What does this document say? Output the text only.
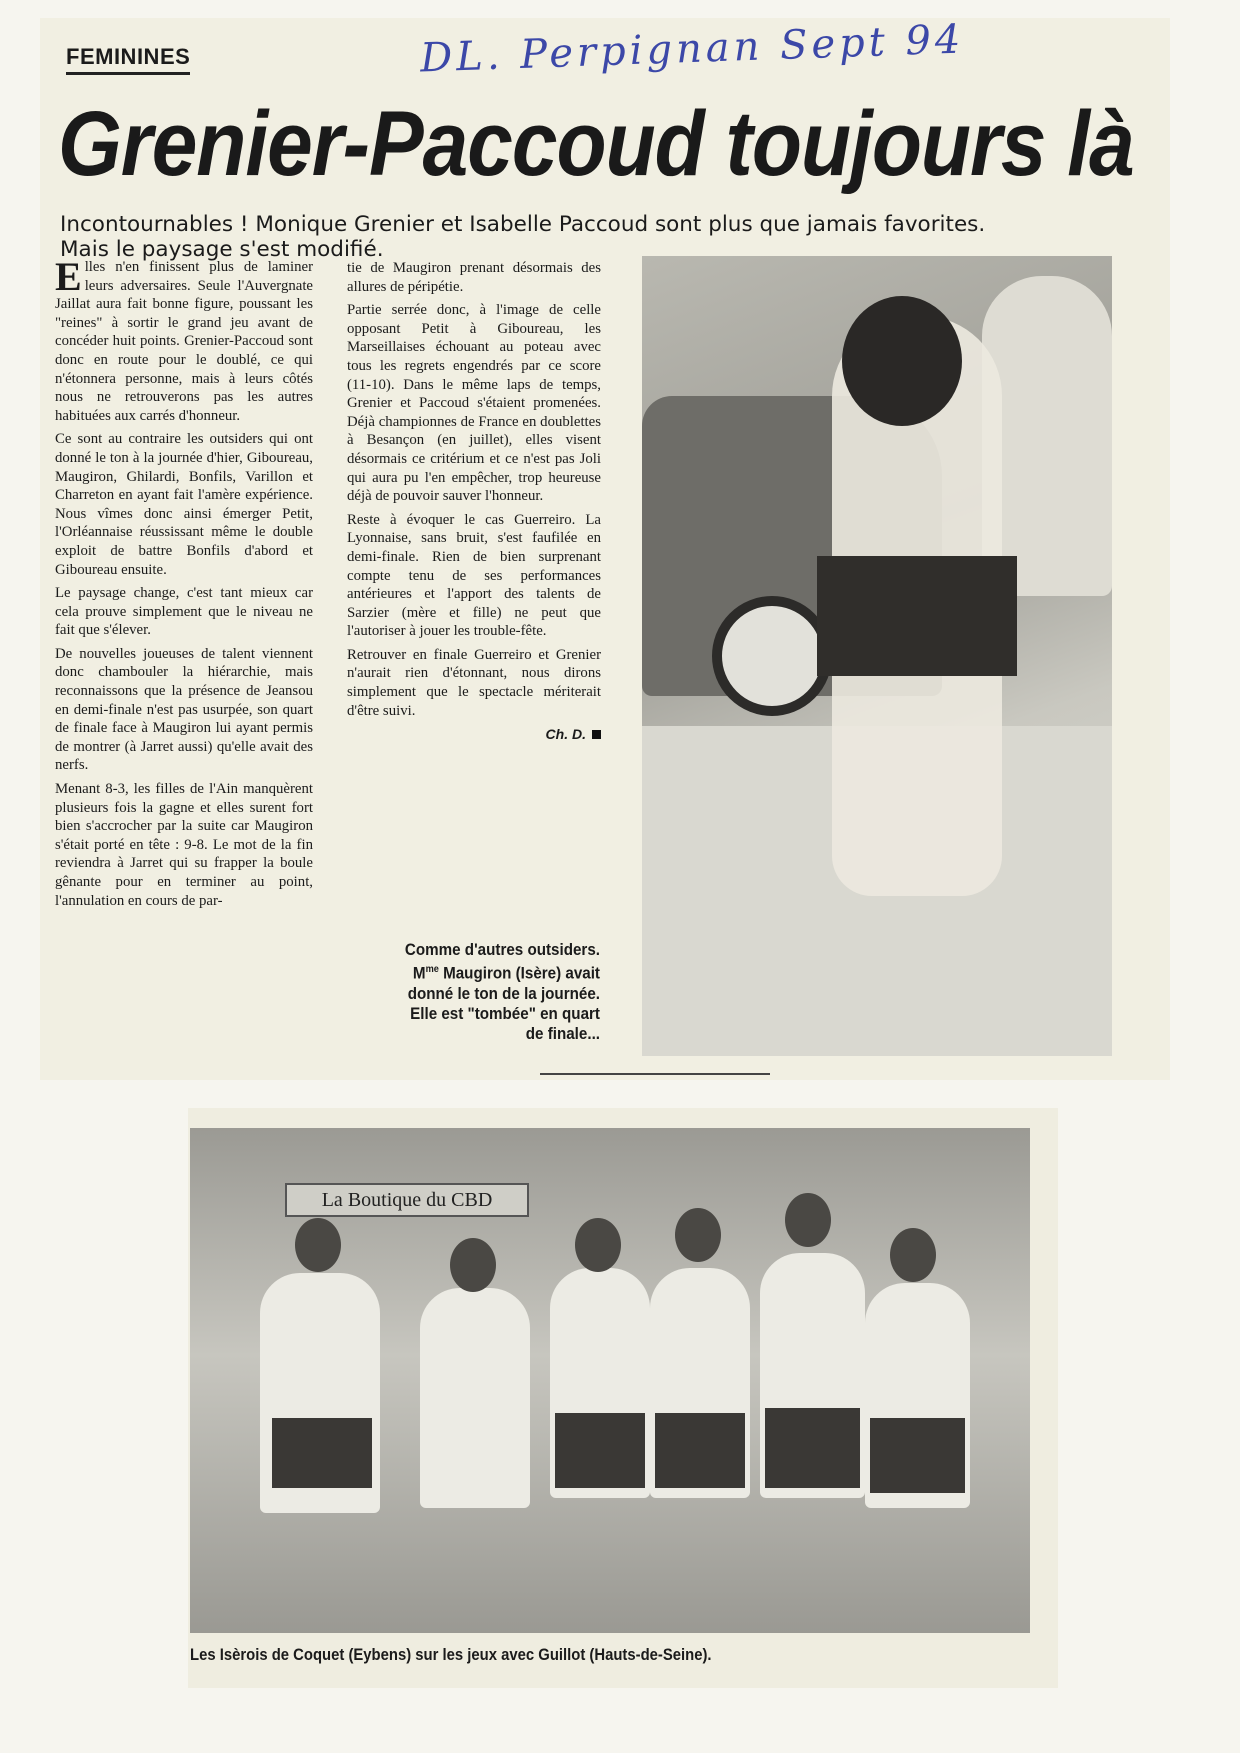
FEMININES	DL. Perpignan Sept 94
Grenier-Paccoud toujours là
Incontournables ! Monique Grenier et Isabelle Paccoud sont plus que jamais favorites.
Mais le paysage s'est modifié.

Elles n'en finissent plus de laminer leurs adversaires. Seule l'Auvergnate Jaillat aura fait bonne figure, poussant les "reines" à sortir le grand jeu avant de concéder huit points. Grenier-Paccoud sont donc en route pour le doublé, ce qui n'étonnera personne, mais à leurs côtés nous ne retrouverons pas les autres habituées aux carrés d'honneur.

Ce sont au contraire les outsiders qui ont donné le ton à la journée d'hier, Giboureau, Maugiron, Ghilardi, Bonfils, Varillon et Charreton en ayant fait l'amère expérience. Nous vîmes donc ainsi émerger Petit, l'Orléannaise réussissant même le double exploit de battre Bonfils d'abord et Giboureau ensuite.

Le paysage change, c'est tant mieux car cela prouve simplement que le niveau ne fait que s'élever.

De nouvelles joueuses de talent viennent donc chambouler la hiérarchie, mais reconnaissons que la présence de Jeansou en demi-finale n'est pas usurpée, son quart de finale face à Maugiron lui ayant permis de montrer (à Jarret aussi) qu'elle avait des nerfs.

Menant 8-3, les filles de l'Ain manquèrent plusieurs fois la gagne et elles surent fort bien s'accrocher par la suite car Maugiron s'était porté en tête : 9-8. Le mot de la fin reviendra à Jarret qui su frapper la boule gênante pour en terminer au point, l'annulation en cours de par-

tie de Maugiron prenant désormais des allures de péripétie.

Partie serrée donc, à l'image de celle opposant Petit à Giboureau, les Marseillaises échouant au poteau avec tous les regrets engendrés par ce score (11-10). Dans le même laps de temps, Grenier et Paccoud s'étaient promenées. Déjà championnes de France en doublettes à Besançon (en juillet), elles visent désormais ce critérium et ce n'est pas Joli qui aura pu l'en empêcher, trop heureuse déjà de pouvoir sauver l'honneur.

Reste à évoquer le cas Guerreiro. La Lyonnaise, sans bruit, s'est faufilée en demi-finale. Rien de bien surprenant compte tenu de ses performances antérieures et l'apport des talents de Sarzier (mère et fille) ne peut que l'autoriser à jouer les trouble-fête.

Retrouver en finale Guerreiro et Grenier n'aurait rien d'étonnant, nous dirons simplement que le spectacle mériterait d'être suivi.

Ch. D.
Comme d'autres outsiders.
$M^{me}$ Maugiron (Isère) avait
donné le ton de la journée.
Elle est "tombée" en quart
de finale...
La Boutique du CBD
Les Isèrois de Coquet (Eybens) sur les jeux avec Guillot (Hauts-de-Seine).
